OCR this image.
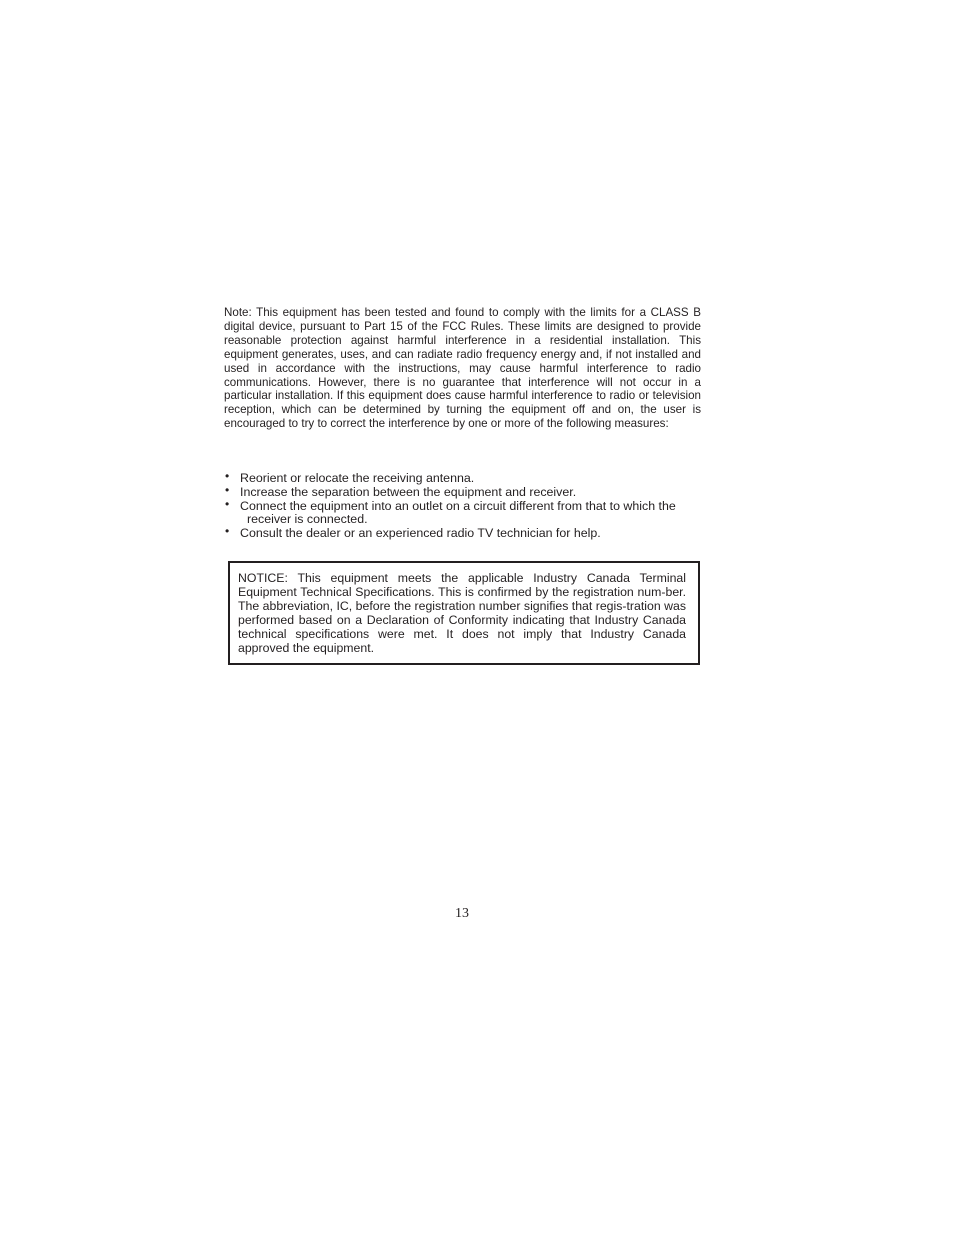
Note: This equipment has been tested and found to comply with the limits for a CLASS B digital device, pursuant to Part 15 of the FCC Rules. These limits are designed to provide reasonable protection against harmful interference in a residential installation. This equipment generates, uses, and can radiate radio frequency energy and, if not installed and used in accordance with the instructions, may cause harmful interference to radio communications. However, there is no guarantee that interference will not occur in a particular installation. If this equipment does cause harmful interference to radio or television reception, which can be determined by turning the equipment off and on, the user is encouraged to try to correct the interference by one or more of the following measures:

• Reorient or relocate the receiving antenna.
• Increase the separation between the equipment and receiver.
• Connect the equipment into an outlet on a circuit different from that to which the
receiver is connected.
• Consult the dealer or an experienced radio TV technician for help.

NOTICE: This equipment meets the applicable Industry Canada Terminal Equipment Technical Specifications. This is confirmed by the registration num-ber. The abbreviation, IC, before the registration number signifies that regis-tration was performed based on a Declaration of Conformity indicating that Industry Canada technical specifications were met. It does not imply that Industry Canada approved the equipment.

13
